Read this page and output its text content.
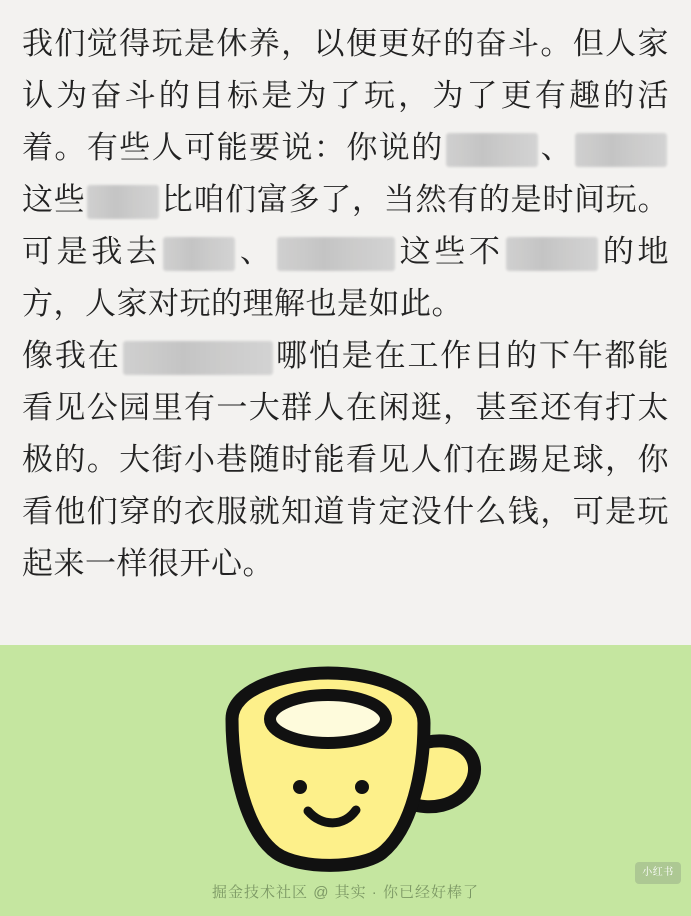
我们觉得玩是休养，以便更好的奋斗。但人家认为奋斗的目标是为了玩，为了更有趣的活着。有些人可能要说：你说的	、这些 比咱们富多了，当然有的是时间玩。可是我去 、	这些不	的地方，人家对玩的理解也是如此。

像我在	哪怕是在工作日的下午都能看见公园里有一大群人在闲逛，甚至还有打太极的。大街小巷随时能看见人们在踢足球，你看他们穿的衣服就知道肯定没什么钱，可是玩起来一样很开心。

小红书
掘金技术社区 @ 其实 · 你已经好棒了
